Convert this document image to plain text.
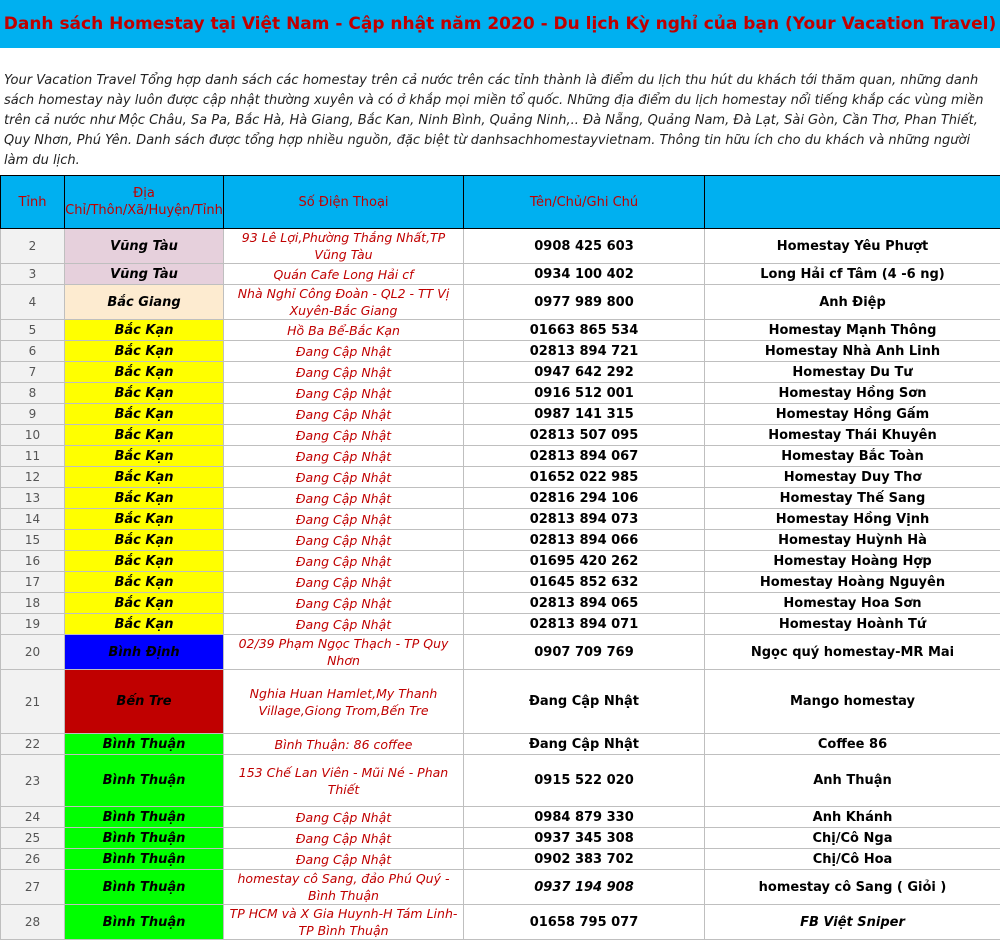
Danh sách Homestay tại Việt Nam - Cập nhật năm 2020 - Du lịch Kỳ nghỉ của bạn (Your Vacation Travel)
Your Vacation Travel Tổng hợp danh sách các homestay trên cả nước trên các tỉnh thành là điểm du lịch thu hút du khách tới thăm quan, những danh sách homestay này luôn được cập nhật thường xuyên và có ở khắp mọi miền tổ quốc. Những địa điểm du lịch homestay nổi tiếng khắp các vùng miền trên cả nước như Mộc Châu, Sa Pa, Bắc Hà, Hà Giang, Bắc Kan, Ninh Bình, Quảng Ninh,.. Đà Nẵng, Quảng Nam, Đà Lạt, Sài Gòn, Cần Thơ, Phan Thiết, Quy Nhơn, Phú Yên. Danh sách được tổng hợp nhiều nguồn, đặc biệt từ danhsachhomestayvietnam. Thông tin hữu ích cho du khách và những người làm du lịch.
Tỉnh	Địa Chỉ/Thôn/Xã/Huyện/Tỉnh	Số Điện Thoại	Tên/Chủ/Ghi Chú	
2	Vũng Tàu	93 Lê Lợi,Phường Thắng Nhất,TP Vũng Tàu	0908 425 603	Homestay Yêu Phượt
3	Vũng Tàu	Quán Cafe Long Hải cf	0934 100 402	Long Hải cf Tâm (4 -6 ng)
4	Bắc Giang	Nhà Nghỉ Công Đoàn - QL2 - TT Vị Xuyên-Bắc Giang	0977 989 800	Anh Điệp
5	Bắc Kạn	Hồ Ba Bể-Bắc Kạn	01663 865 534	Homestay Mạnh Thông
6	Bắc Kạn	Đang Cập Nhật	02813 894 721	Homestay Nhà Anh Linh
7	Bắc Kạn	Đang Cập Nhật	0947 642 292	Homestay Du Tư
8	Bắc Kạn	Đang Cập Nhật	0916 512 001	Homestay Hồng Sơn
9	Bắc Kạn	Đang Cập Nhật	0987 141 315	Homestay Hồng Gấm
10	Bắc Kạn	Đang Cập Nhật	02813 507 095	Homestay Thái Khuyên
11	Bắc Kạn	Đang Cập Nhật	02813 894 067	Homestay Bắc Toàn
12	Bắc Kạn	Đang Cập Nhật	01652 022 985	Homestay Duy Thơ
13	Bắc Kạn	Đang Cập Nhật	02816 294 106	Homestay Thế Sang
14	Bắc Kạn	Đang Cập Nhật	02813 894 073	Homestay Hồng Vịnh
15	Bắc Kạn	Đang Cập Nhật	02813 894 066	Homestay Huỳnh Hà
16	Bắc Kạn	Đang Cập Nhật	01695 420 262	Homestay Hoàng Hợp
17	Bắc Kạn	Đang Cập Nhật	01645 852 632	Homestay Hoàng Nguyên
18	Bắc Kạn	Đang Cập Nhật	02813 894 065	Homestay Hoa Sơn
19	Bắc Kạn	Đang Cập Nhật	02813 894 071	Homestay Hoành Tứ
20	Bình Định	02/39 Phạm Ngọc Thạch - TP Quy Nhơn	0907 709 769	Ngọc quý homestay-MR Mai
21	Bến Tre	Nghia Huan Hamlet,My Thanh Village,Giong Trom,Bến Tre	Đang Cập Nhật	Mango homestay
22	Bình Thuận	Bình Thuận: 86 coffee	Đang Cập Nhật	Coffee 86
23	Bình Thuận	153 Chế Lan Viên - Mũi Né - Phan Thiết	0915 522 020	Anh Thuận
24	Bình Thuận	Đang Cập Nhật	0984 879 330	Anh Khánh
25	Bình Thuận	Đang Cập Nhật	0937 345 308	Chị/Cô Nga
26	Bình Thuận	Đang Cập Nhật	0902 383 702	Chị/Cô Hoa
27	Bình Thuận	homestay cô Sang, đảo Phú Quý - Bình Thuận	0937 194 908	homestay cô Sang ( Giỏi )
28	Bình Thuận	TP HCM và X Gia Huynh-H Tám Linh-TP Bình Thuận	01658 795 077	FB Việt Sniper
